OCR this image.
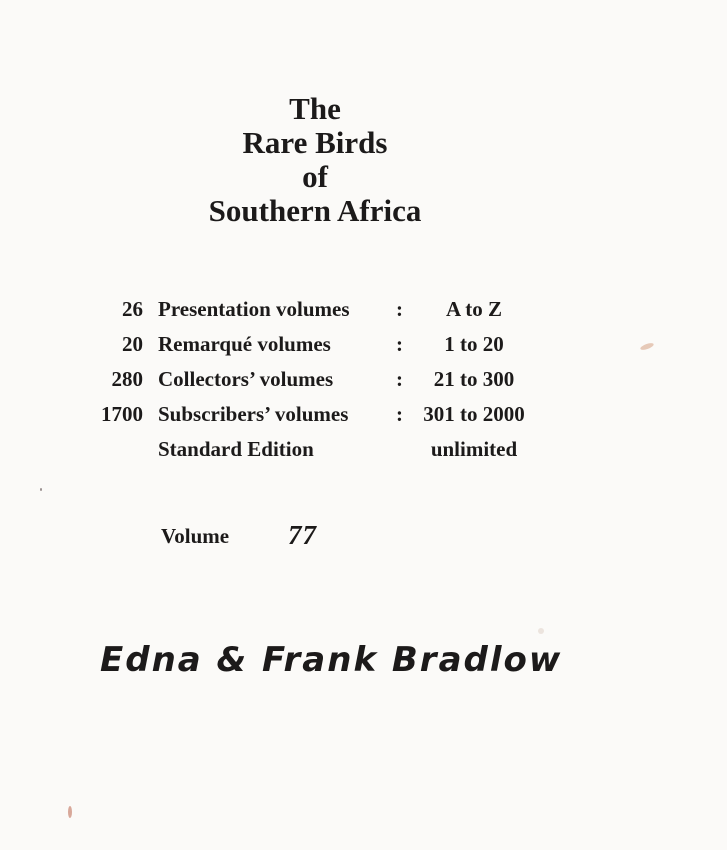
The
Rare Birds
of
Southern Africa
26 Presentation volumes : A to Z
20 Remarqué volumes	: 1 to 20
280 Collectors’ volumes	: 21 to 300
1700 Subscribers’ volumes : 301 to 2000
Standard Edition	unlimited
Volume 77
Edna & Frank Bradlow
